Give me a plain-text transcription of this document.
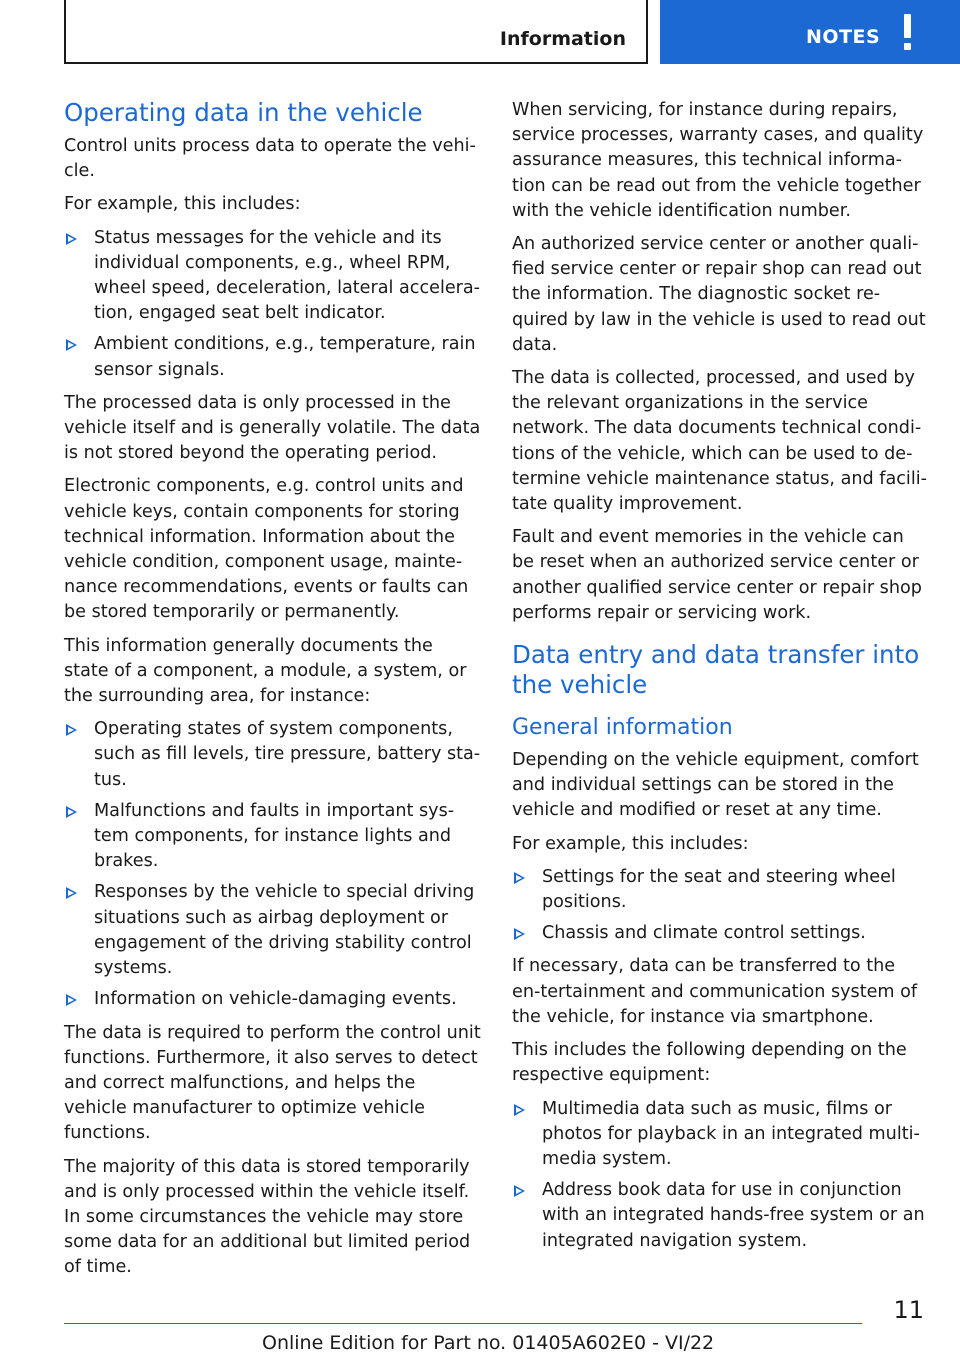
Information	NOTES
Operating data in the vehicle

Control units process data to operate the vehi‐cle.

For example, this includes:

Status messages for the vehicle and its individual components, e.g., wheel RPM, wheel speed, deceleration, lateral accelera‐tion, engaged seat belt indicator.
Ambient conditions, e.g., temperature, rain sensor signals.

The processed data is only processed in the vehicle itself and is generally volatile. The data is not stored beyond the operating period.

Electronic components, e.g. control units and vehicle keys, contain components for storing technical information. Information about the vehicle condition, component usage, mainte‐nance recommendations, events or faults can be stored temporarily or permanently.

This information generally documents the state of a component, a module, a system, or the surrounding area, for instance:

Operating states of system components, such as fill levels, tire pressure, battery sta‐tus.
Malfunctions and faults in important sys‐tem components, for instance lights and brakes.
Responses by the vehicle to special driving situations such as airbag deployment or engagement of the driving stability control systems.
Information on vehicle-damaging events.

The data is required to perform the control unit functions. Furthermore, it also serves to detect and correct malfunctions, and helps the vehicle manufacturer to optimize vehicle functions.

The majority of this data is stored temporarily and is only processed within the vehicle itself. In some circumstances the vehicle may store some data for an additional but limited period of time.

When servicing, for instance during repairs, service processes, warranty cases, and quality assurance measures, this technical informa‐tion can be read out from the vehicle together with the vehicle identification number.

An authorized service center or another quali‐fied service center or repair shop can read out the information. The diagnostic socket re‐quired by law in the vehicle is used to read out data.

The data is collected, processed, and used by the relevant organizations in the service network. The data documents technical condi‐tions of the vehicle, which can be used to de‐termine vehicle maintenance status, and facili‐tate quality improvement.

Fault and event memories in the vehicle can be reset when an authorized service center or another qualified service center or repair shop performs repair or servicing work.

Data entry and data transfer into the vehicle
General information

Depending on the vehicle equipment, comfort and individual settings can be stored in the vehicle and modified or reset at any time.

For example, this includes:

Settings for the seat and steering wheel positions.
Chassis and climate control settings.

If necessary, data can be transferred to the en‐tertainment and communication system of the vehicle, for instance via smartphone.

This includes the following depending on the respective equipment:

Multimedia data such as music, films or photos for playback in an integrated multi‐media system.
Address book data for use in conjunction with an integrated hands-free system or an integrated navigation system.
11
Online Edition for Part no. 01405A602E0 - VI/22
